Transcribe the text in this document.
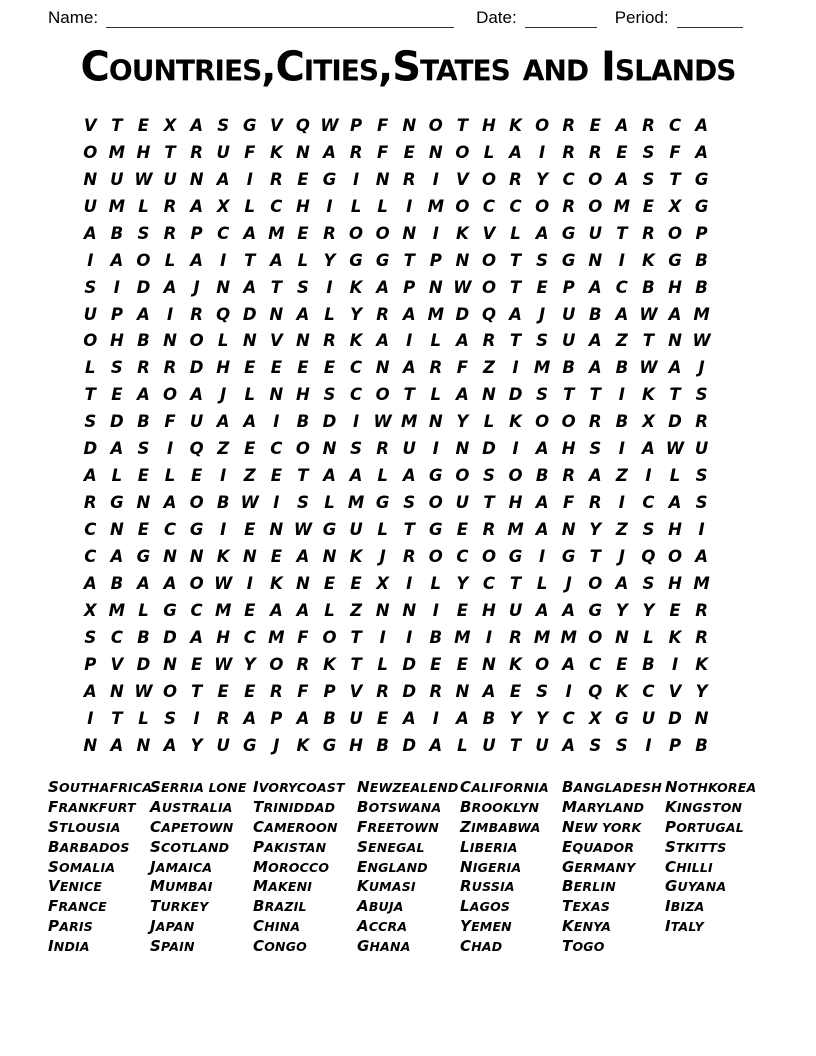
Name:	Date:	Period:
Countries,Cities,States and Islands
V T E X A S G V Q W P F N O T H K O R E A R C A
O M H T R U F K N A R F E N O L A	I	R R E S F A
N U W U N A	I	R E G	I	N R	I	V O R Y C O A S T G
U M L R A X L C H	I	L L	I M O C C O R O M E X G
A B S R P C A M E R O O N	I	K V L A G U T R O P
I	A O L A	I	T A L Y G G T P N O T S G N	I	K G B
S	I	D A	J	N A T S	I	K A P N W O T E P A C B H B
U P A	I	R Q D N A L Y R A M D Q A	J	U B A W A M
O H B N O L N V N R K A	I	L A R T S U A Z T N W
L S R R D H E E E E C N A R F Z	I M B A B W A	J
T E A O A	J	L N H S C O T L A N D S T T	I	K T S
S D B F U A A	I	B D	I W M N Y L K O O R B X D R
D A S	I Q Z E C O N S R U	I	N D	I	A H S	I	A W U
A L E L E	I	Z E T A A L A G O S O B R A Z	I	L S
R G N A O B W I	S L M G S O U T H A F R	I	C A S
C N E C G	I	E N W G U L T G E R M A N Y Z S H	I
C A G N N K N E A N K	J	R O C O G	I	G T	J Q O A
A B A A O W I	K N E E X	I	L Y C T L	J O A S H M
X M L G C M E A A L Z N N	I	E H U A A G Y Y E R
S C B D A H C M F O T	I	I	B M I	R M M O N L K R
P V D N E W Y O R K T L D E E N K O A C E B	I	K
A N W O T E E R F P V R D R N A E S	I Q K C V Y
I	T L S	I	R A P A B U E A	I	A B Y Y C X G U D N
N A N A Y U G	J	K G H B D A L U T U A S S	I	P B
SOUTHAFRICA
FRANKFURT
STLOUSIA
BARBADOS
SOMALIA
VENICE
FRANCE
PARIS
INDIA
SERRIA LONE
AUSTRALIA
CAPETOWN
SCOTLAND
JAMAICA
MUMBAI
TURKEY
JAPAN
SPAIN
IVORYCOAST
TRINIDDAD
CAMEROON
PAKISTAN
MOROCCO
MAKENI
BRAZIL
CHINA
CONGO
NEWZEALEND
BOTSWANA
FREETOWN
SENEGAL
ENGLAND
KUMASI
ABUJA
ACCRA
GHANA
CALIFORNIA
BROOKLYN
ZIMBABWA
LIBERIA
NIGERIA
RUSSIA
LAGOS
YEMEN
CHAD
BANGLADESH
MARYLAND
NEW YORK
EQUADOR
GERMANY
BERLIN
TEXAS
KENYA
TOGO
NOTHKOREA
KINGSTON
PORTUGAL
STKITTS
CHILLI
GUYANA
IBIZA
ITALY
